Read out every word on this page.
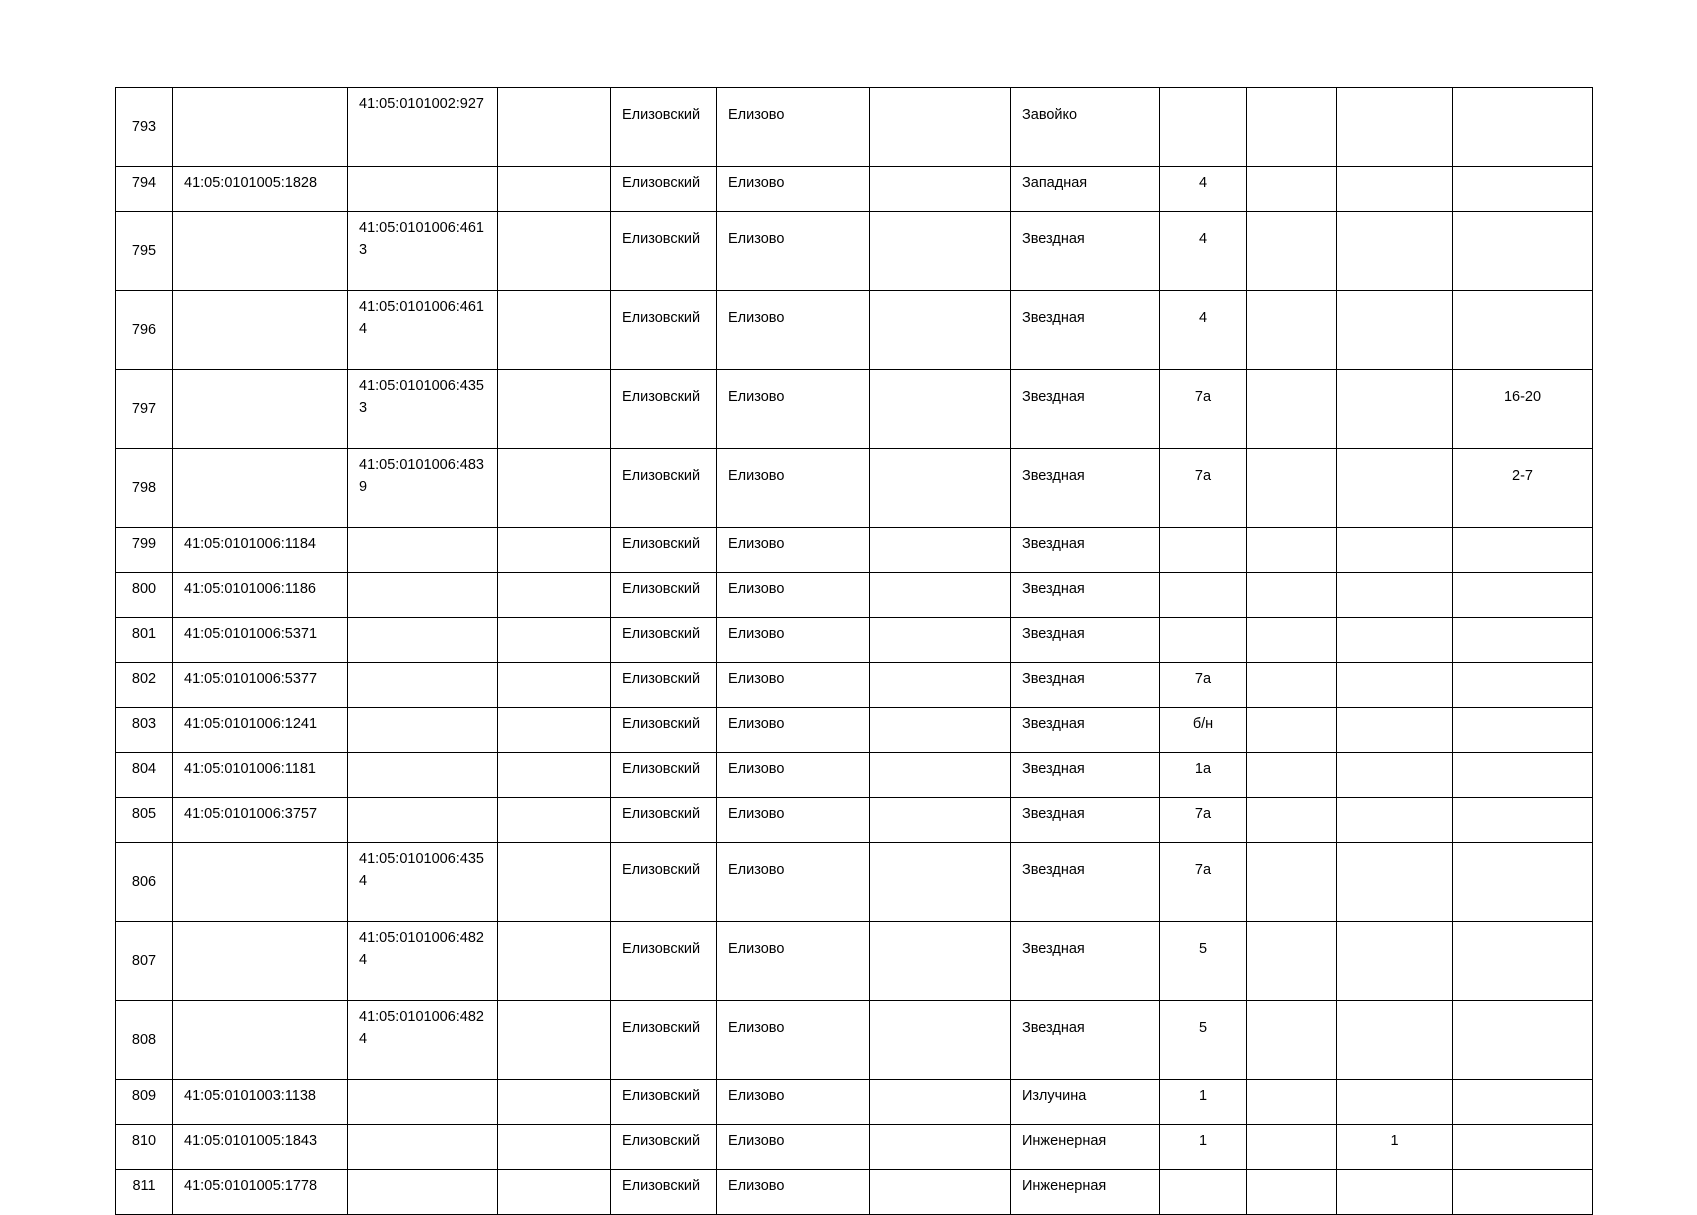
793		41:05:0101002:927		Елизовский	Елизово		Завойко				
794	41:05:0101005:1828			Елизовский	Елизово		Западная	4			
795		41:05:0101006:4613		Елизовский	Елизово		Звездная	4			
796		41:05:0101006:4614		Елизовский	Елизово		Звездная	4			
797		41:05:0101006:4353		Елизовский	Елизово		Звездная	7а			16-20
798		41:05:0101006:4839		Елизовский	Елизово		Звездная	7а			2-7
799	41:05:0101006:1184			Елизовский	Елизово		Звездная				
800	41:05:0101006:1186			Елизовский	Елизово		Звездная				
801	41:05:0101006:5371			Елизовский	Елизово		Звездная				
802	41:05:0101006:5377			Елизовский	Елизово		Звездная	7а			
803	41:05:0101006:1241			Елизовский	Елизово		Звездная	б/н			
804	41:05:0101006:1181			Елизовский	Елизово		Звездная	1а			
805	41:05:0101006:3757			Елизовский	Елизово		Звездная	7а			
806		41:05:0101006:4354		Елизовский	Елизово		Звездная	7а			
807		41:05:0101006:4824		Елизовский	Елизово		Звездная	5			
808		41:05:0101006:4824		Елизовский	Елизово		Звездная	5			
809	41:05:0101003:1138			Елизовский	Елизово		Излучина	1			
810	41:05:0101005:1843			Елизовский	Елизово		Инженерная	1		1	
811	41:05:0101005:1778			Елизовский	Елизово		Инженерная				
